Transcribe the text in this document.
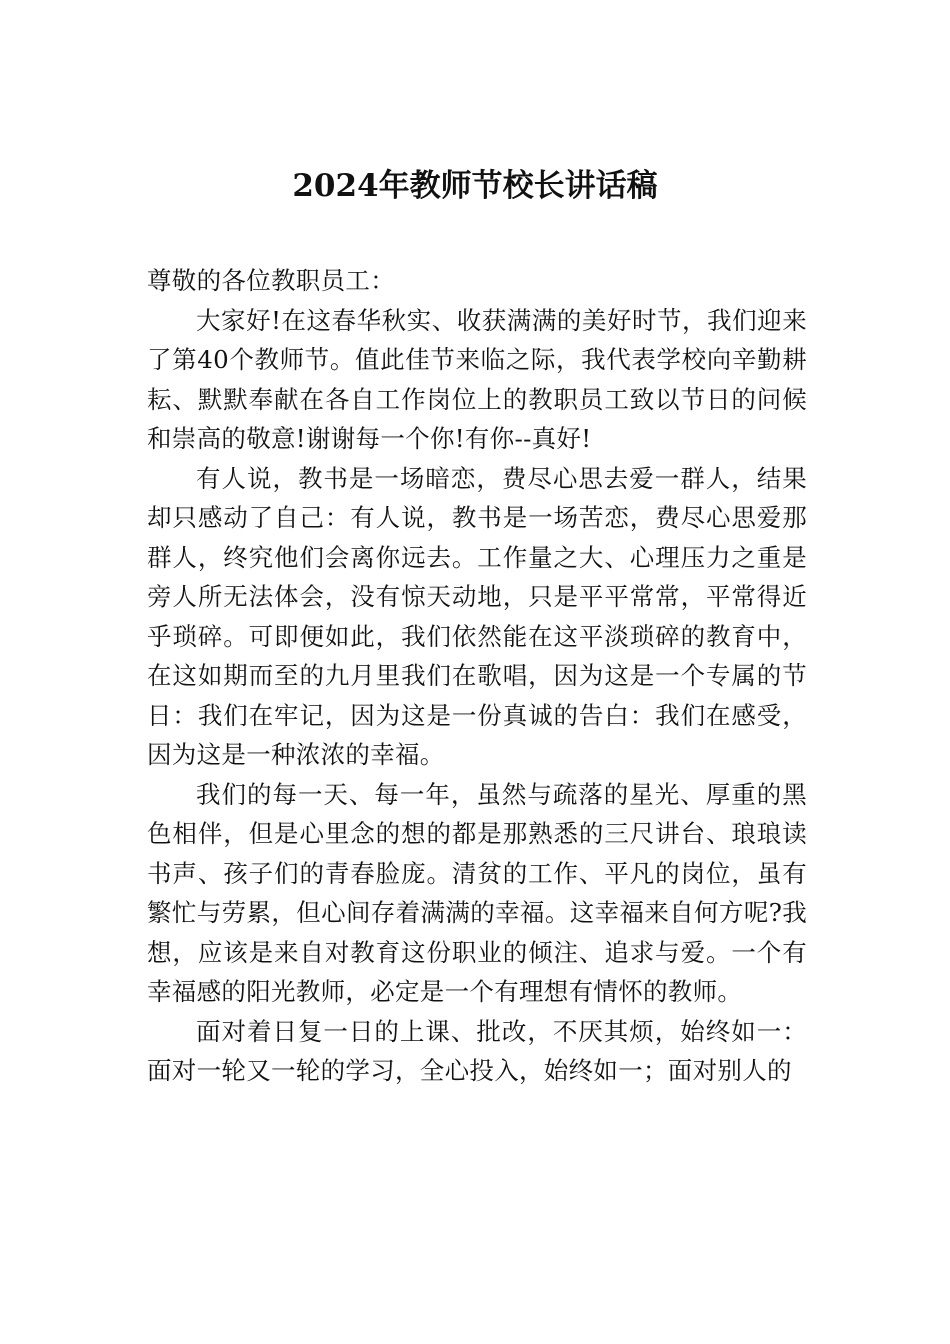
2024年教师节校长讲话稿

尊敬的各位教职员工：

大家好!在这春华秋实、收获满满的美好时节，我们迎来了第40个教师节。值此佳节来临之际，我代表学校向辛勤耕耘、默默奉献在各自工作岗位上的教职员工致以节日的问候和崇高的敬意!谢谢每一个你!有你--真好!

有人说，教书是一场暗恋，费尽心思去爱一群人，结果却只感动了自己：有人说，教书是一场苦恋，费尽心思爱那群人，终究他们会离你远去。工作量之大、心理压力之重是旁人所无法体会，没有惊天动地，只是平平常常，平常得近乎琐碎。可即便如此，我们依然能在这平淡琐碎的教育中，在这如期而至的九月里我们在歌唱，因为这是一个专属的节日：我们在牢记，因为这是一份真诚的告白：我们在感受，因为这是一种浓浓的幸福。

我们的每一天、每一年，虽然与疏落的星光、厚重的黑色相伴，但是心里念的想的都是那熟悉的三尺讲台、琅琅读书声、孩子们的青春脸庞。清贫的工作、平凡的岗位，虽有繁忙与劳累，但心间存着满满的幸福。这幸福来自何方呢?我想，应该是来自对教育这份职业的倾注、追求与爱。一个有幸福感的阳光教师，必定是一个有理想有情怀的教师。

面对着日复一日的上课、批改，不厌其烦，始终如一：面对一轮又一轮的学习，全心投入，始终如一；面对别人的
